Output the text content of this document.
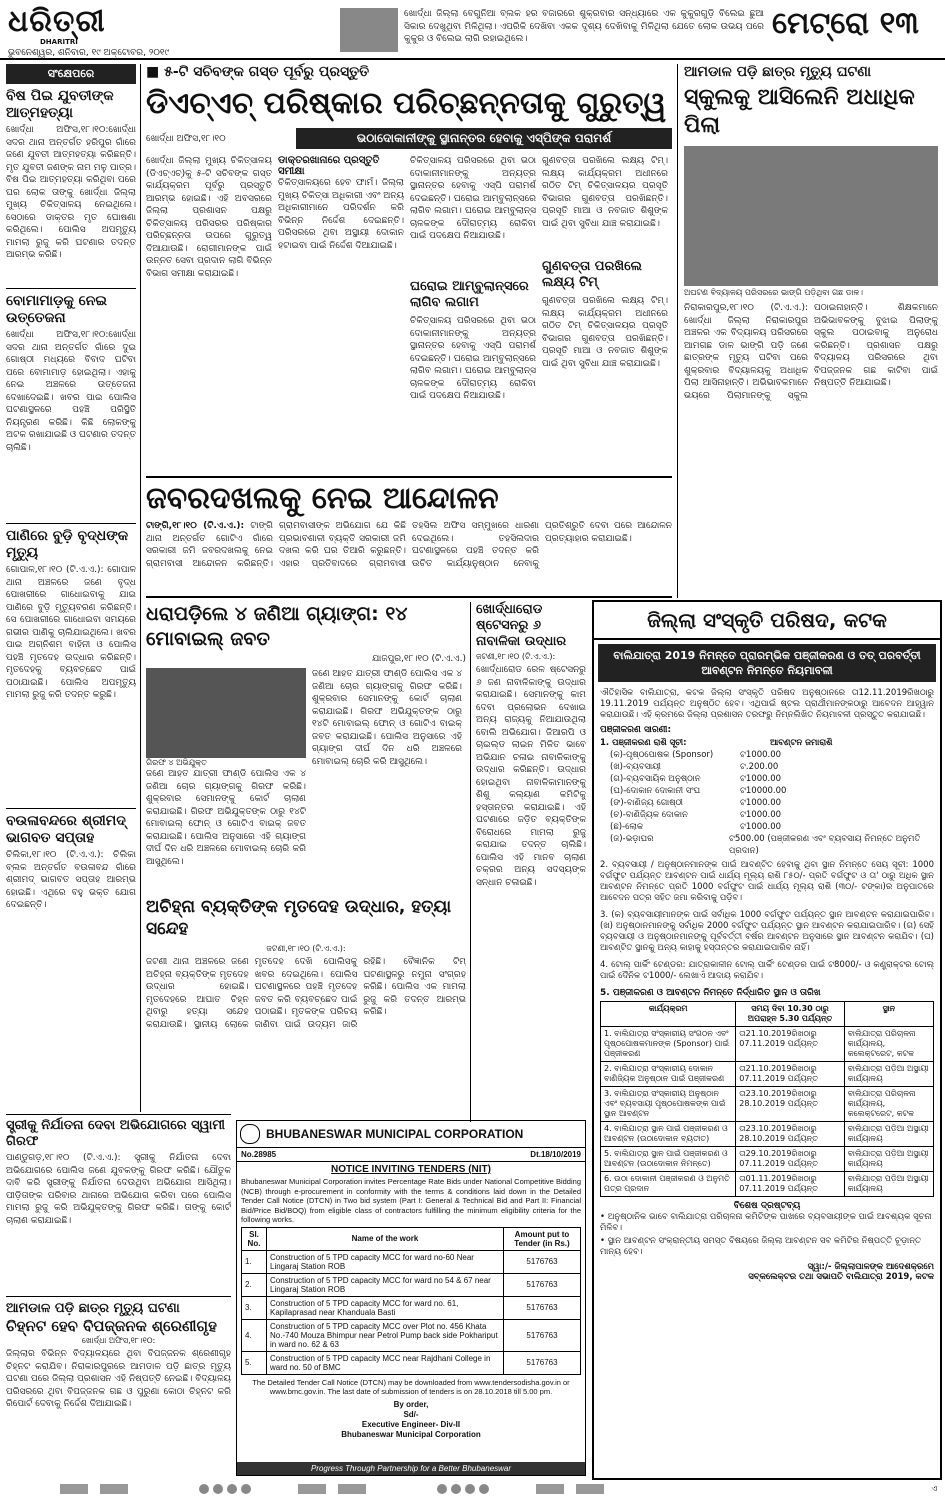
ଧରିତ୍ରୀ
DHARITRI
ଭୁବନେଶ୍ୱର, ଶନିବାର, ୧୯ ଅକ୍ଟୋବର, ୨୦୧୯
ଖୋର୍ଦ୍ଧା ଜିଲ୍ଲା ବେଗୁନିଆ ବ୍ଲକ ହର ବଜାରରେ ଶୁକ୍ରବାର ସନ୍ଧ୍ୟାରେ ଏକ କୁକୁରଗୁଡ଼ି ବିଲେଇ ଛୁଆ ସିକାର ଦେଖୁଥିବା ମିଳିଥିଲା। ଏପରିକି ଦେଖିବା ଏକକ ଦୃଶ୍ୟ ଦେଖିବାକୁ ମିଳିଥିଲା ଯେତେ ଲୋକ ଉଭୟ ପରେ କୁକୁର ଓ ବିଲେଇ ଲାଗି ରହାଇଥିଲେ।	ମେଟ୍ରୋ ୧୩
ସଂକ୍ଷେପରେ
ବିଷ ପିଇ ଯୁବତୀଙ୍କ ଆତ୍ମହତ୍ୟା
ଖୋର୍ଦ୍ଧା ଅଫିସ,୧୮।୧୦:ଖୋର୍ଦ୍ଧା ସଦର ଥାନା ଅନ୍ତର୍ଗତ ହରିପୁର ଗାଁରେ ଜଣେ ଯୁବତୀ ଆତ୍ମହତ୍ୟା କରିଛନ୍ତି। ମୃତ ଯୁବତୀ ଜଣଙ୍କ ନାମ ମଳୁ ପାତ୍ର। ବିଷ ପିଇ ଆତ୍ମହତ୍ୟା କରିଥିବା ପରେ ଘର ଲୋକ ତାଙ୍କୁ ଖୋର୍ଦ୍ଧା ଜିଲ୍ଲା ମୁଖ୍ୟ ଚିକିତ୍ସାଳୟ ନେଇଥିଲେ। ସେଠାରେ ଡାକ୍ତର ମୃତ ଘୋଷଣା କରିଥିଲେ। ପୋଲିସ ଅପମୃତ୍ୟୁ ମାମଲା ରୁଜୁ କରି ଘଟଣାର ତଦନ୍ତ ଆରମ୍ଭ କରିଛି।
ବୋମାମାଡ଼କୁ ନେଇ ଉତ୍ତେଜନା
ଖୋର୍ଦ୍ଧା ଅଫିସ,୧୮।୧୦:ଖୋର୍ଦ୍ଧା ସଦର ଥାନା ଅନ୍ତର୍ଗତ ଗାଁରେ ଦୁଇ ଗୋଷ୍ଠୀ ମଧ୍ୟରେ ବିବାଦ ଘଟିବା ପରେ ବୋମାମାଡ଼ ହୋଇଥିଲା। ଏହାକୁ ନେଇ ଅଞ୍ଚଳରେ ଉତ୍ତେଜନା ଦେଖାଦେଇଛି। ଖବର ପାଇ ପୋଲିସ ଘଟଣାସ୍ଥଳରେ ପହଞ୍ଚି ପରିସ୍ଥିତି ନିୟନ୍ତ୍ରଣ କରିଛି। କିଛି ଲୋକଙ୍କୁ ଅଟକ ରଖାଯାଇଛି ଓ ଘଟଣାର ତଦନ୍ତ ଚାଲିଛି।
ପାଣିରେ ବୁଡ଼ି ବୃଦ୍ଧଙ୍କ ମୃତ୍ୟୁ
ଗୋପାଳ,୧୮।୧୦ (ଟି.ଏ.ଏ.): ଗୋପାଳ ଥାନା ଅଞ୍ଚଳରେ ଜଣେ ବୃଦ୍ଧ ପୋଖରୀରେ ଗାଧୋଇବାକୁ ଯାଇ ପାଣିରେ ବୁଡ଼ି ମୃତ୍ୟୁବରଣ କରିଛନ୍ତି। ସେ ପୋଖରୀରେ ଗାଧୋଇବା ସମୟରେ ଗଭୀର ପାଣିକୁ ଚାଲିଯାଇଥିଲେ। ଖବର ପାଇ ଅଗ୍ନିଶମ ବାହିନୀ ଓ ପୋଲିସ ପହଞ୍ଚି ମୃତଦେହ ଉଦ୍ଧାର କରିଛନ୍ତି। ମୃତଦେହକୁ ବ୍ୟବଚ୍ଛେଦ ପାଇଁ ପଠାଯାଇଛି। ପୋଲିସ ଅପମୃତ୍ୟୁ ମାମଲା ରୁଜୁ କରି ତଦନ୍ତ କରୁଛି।
ବଉଳାବନ୍ଦରେ ଶ୍ରୀମଦ୍ ଭାଗବତ ସପ୍ତାହ
ଚିଲିକା,୧୮।୧୦ (ଟି.ଏ.ଏ.): ଚିଲିକା ବ୍ଲକ ଅନ୍ତର୍ଗତ ବଉଳାବନ୍ଦ ଗାଁରେ ଶ୍ରୀମଦ୍ ଭାଗବତ ସପ୍ତାହ ଆରମ୍ଭ ହୋଇଛି। ଏଥିରେ ବହୁ ଭକ୍ତ ଯୋଗ ଦେଇଛନ୍ତି।
■ ୫-ଟି ସଚିବଙ୍କ ଗସ୍ତ ପୂର୍ବରୁ ପ୍ରସ୍ତୁତି
ଡିଏଚ୍ଏଚ୍ ପରିଷ୍କାର ପରିଚ୍ଛନ୍ନତାକୁ ଗୁରୁତ୍ୱ
ଖୋର୍ଦ୍ଧା ଅଫିସ,୧୮।୧୦	ଭଠାଦୋକାନୀଙ୍କୁ ସ୍ଥାନାନ୍ତର ହେବାକୁ ଏସ୍‌ପିଙ୍କ ପରାମର୍ଶ
ଖୋର୍ଦ୍ଧା ଜିଲ୍ଲା ମୁଖ୍ୟ ଚିକିତ୍ସାଳୟ (ଡିଏଚ୍ଏଚ୍)କୁ ୫-ଟି ସଚିବଙ୍କ ଗସ୍ତ କାର୍ଯ୍ୟକ୍ରମ ପୂର୍ବରୁ ପ୍ରସ୍ତୁତି ଆରମ୍ଭ ହୋଇଛି। ଏହି ଅବସରରେ ଜିଲ୍ଲା ପ୍ରଶାସନ ପକ୍ଷରୁ ଚିକିତ୍ସାଳୟ ପରିସରର ପରିଷ୍କାର ପରିଚ୍ଛନ୍ନତା ଉପରେ ଗୁରୁତ୍ୱ ଦିଆଯାଉଛି। ରୋଗୀମାନଙ୍କ ପାଇଁ ଉନ୍ନତ ସେବା ପ୍ରଦାନ ଲାଗି ବିଭିନ୍ନ ବିଭାଗ ସମୀକ୍ଷା କରାଯାଇଛି।
ଡାକ୍ତରଖାନାରେ ପ୍ରସ୍ତୁତି ସମୀକ୍ଷା
ଚିକିତ୍ସାଳୟରେ ହେବ ଫାର୍ମ। ଜିଲ୍ଲା ମୁଖ୍ୟ ଚିକିତ୍ସା ଅଧିକାରୀ ଏବଂ ଅନ୍ୟ ଅଧିକାରୀମାନେ ପରିଦର୍ଶନ କରି ବିଭିନ୍ନ ନିର୍ଦ୍ଦେଶ ଦେଇଛନ୍ତି। ପରିସରରେ ଥିବା ଅସ୍ଥାୟୀ ଦୋକାନ ହଟାଇବା ପାଇଁ ନିର୍ଦ୍ଦେଶ ଦିଆଯାଇଛି।
ଚିକିତ୍ସାଳୟ ପରିସରରେ ଥିବା ଭଠା ଦୋକାନୀମାନଙ୍କୁ ଅନ୍ୟତ୍ର ସ୍ଥାନାନ୍ତର ହେବାକୁ ଏସ୍‌ପି ପରାମର୍ଶ ଦେଇଛନ୍ତି। ଘରୋଇ ଆମ୍ବୁଲାନ୍ସରେ ଲାଗିବ ଲଗାମ। ଘରୋଇ ଆମ୍ବୁଲାନ୍ସ ଚାଳକଙ୍କ ଦୌରାତ୍ମ୍ୟ ରୋକିବା ପାଇଁ ପଦକ୍ଷେପ ନିଆଯାଉଛି।
ଘରୋଇ ଆମ୍ବୁଲାନ୍ସରେ ଲାଗିବ ଲଗାମ
ଚିକିତ୍ସାଳୟ ପରିସରରେ ଥିବା ଭଠା ଦୋକାନୀମାନଙ୍କୁ ଅନ୍ୟତ୍ର ସ୍ଥାନାନ୍ତର ହେବାକୁ ଏସ୍‌ପି ପରାମର୍ଶ ଦେଇଛନ୍ତି। ଘରୋଇ ଆମ୍ବୁଲାନ୍ସରେ ଲାଗିବ ଲଗାମ। ଘରୋଇ ଆମ୍ବୁଲାନ୍ସ ଚାଳକଙ୍କ ଦୌରାତ୍ମ୍ୟ ରୋକିବା ପାଇଁ ପଦକ୍ଷେପ ନିଆଯାଉଛି।
ଗୁଣବତ୍ତା ପରଖିଲେ ଲକ୍ଷ୍ୟ ଟିମ୍। ଲକ୍ଷ୍ୟ କାର୍ଯ୍ୟକ୍ରମ ଅଧୀନରେ ଗଠିତ ଟିମ୍ ଚିକିତ୍ସାଳୟର ପ୍ରସୂତି ବିଭାଗର ଗୁଣବତ୍ତା ପରଖିଛନ୍ତି। ପ୍ରସୂତି ମାଆ ଓ ନବଜାତ ଶିଶୁଙ୍କ ପାଇଁ ଥିବା ସୁବିଧା ଯାଞ୍ଚ କରାଯାଇଛି।
ଗୁଣବତ୍ତା ପରଖିଲେ ଲକ୍ଷ୍ୟ ଟିମ୍
ଗୁଣବତ୍ତା ପରଖିଲେ ଲକ୍ଷ୍ୟ ଟିମ୍। ଲକ୍ଷ୍ୟ କାର୍ଯ୍ୟକ୍ରମ ଅଧୀନରେ ଗଠିତ ଟିମ୍ ଚିକିତ୍ସାଳୟର ପ୍ରସୂତି ବିଭାଗର ଗୁଣବତ୍ତା ପରଖିଛନ୍ତି। ପ୍ରସୂତି ମାଆ ଓ ନବଜାତ ଶିଶୁଙ୍କ ପାଇଁ ଥିବା ସୁବିଧା ଯାଞ୍ଚ କରାଯାଇଛି।
ଆମଡାଳ ପଡ଼ି ଛାତ୍ର ମୃତ୍ୟୁ ଘଟଣା
ସ୍କୁଲକୁ ଆସିଲେନି ଅଧାଧିକ ପିଲା
ଅଘଟଣ ବିଦ୍ୟାଳୟ ପରିସରରେ ଭାଙ୍ଗି ପଡ଼ିଥିବା ଗଛ ଡାଳ।
ନିରାକାରପୁର,୧୮।୧୦ (ଟି.ଏ.ଏ.): ଖୋର୍ଦ୍ଧା ଜିଲ୍ଲା ନିରାକାରପୁର ଅଞ୍ଚଳର ଏକ ବିଦ୍ୟାଳୟ ପରିସରରେ ଆମଗଛ ଡାଳ ଭାଙ୍ଗି ପଡ଼ି ଜଣେ ଛାତ୍ରଙ୍କ ମୃତ୍ୟୁ ଘଟିବା ପରେ ଶୁକ୍ରବାର ବିଦ୍ୟାଳୟକୁ ଅଧାଧିକ ପିଲା ଆସିନାହାନ୍ତି। ଅଭିଭାବକମାନେ ଭୟରେ ପିଲାମାନଙ୍କୁ ସ୍କୁଲ ପଠାଇନାହାନ୍ତି। ଶିକ୍ଷକମାନେ ଅଭିଭାବକଙ୍କୁ ବୁଝାଇ ପିଲାଙ୍କୁ ସ୍କୁଲ ପଠାଇବାକୁ ଅନୁରୋଧ କରିଛନ୍ତି। ପ୍ରଶାସନ ପକ୍ଷରୁ ବିଦ୍ୟାଳୟ ପରିସରରେ ଥିବା ବିପଜ୍ଜନକ ଗଛ କାଟିବା ପାଇଁ ନିଷ୍ପତ୍ତି ନିଆଯାଇଛି।
ଜବରଦଖଲକୁ ନେଇ ଆନ୍ଦୋଳନ
ଟାଙ୍ଗି,୧୮।୧୦ (ଟି.ଏ.ଏ.): ଟାଙ୍ଗି ଥାନା ଅନ୍ତର୍ଗତ ଗୋଟିଏ ଗାଁରେ ସରକାରୀ ଜମି ଜବରଦଖଲକୁ ନେଇ ଗ୍ରାମବାସୀ ଆନ୍ଦୋଳନ କରିଛନ୍ତି। ଗ୍ରାମବାସୀଙ୍କ ଅଭିଯୋଗ ଯେ କିଛି ପ୍ରଭାବଶାଳୀ ବ୍ୟକ୍ତି ସରକାରୀ ଜମି ଦଖଲ କରି ଘର ତିଆରି କରୁଛନ୍ତି। ଏହାର ପ୍ରତିବାଦରେ ଗ୍ରାମବାସୀ ତହସିଲ ଅଫିସ ସମ୍ମୁଖରେ ଧାରଣା ଦେଇଥିଲେ। ତହସିଲଦାର ଘଟଣାସ୍ଥଳରେ ପହଞ୍ଚି ତଦନ୍ତ କରି ଉଚିତ କାର୍ଯ୍ୟାନୁଷ୍ଠାନ ନେବାକୁ ପ୍ରତିଶ୍ରୁତି ଦେବା ପରେ ଆନ୍ଦୋଳନ ପ୍ରତ୍ୟାହାର କରାଯାଇଛି।
ଧରାପଡ଼ିଲେ ୪ ଜଣିଆ ଗ୍ୟାଙ୍ଗ: ୧୪ ମୋବାଇଲ୍ ଜବତ
ଯାଜପୁର,୧୮।୧୦ (ଟି.ଏ.ଏ.)
ଗିରଫ ୪ ଅଭିଯୁକ୍ତ
ଜଣେ ଆହତ ଯାତ୍ରୀ ଫାଣ୍ଡି ପୋଲିସ ଏକ ୪ ଜଣିଆ ଚୋର ଗ୍ୟାଙ୍ଗକୁ ଗିରଫ କରିଛି। ଶୁକ୍ରବାର ସେମାନଙ୍କୁ କୋର୍ଟ ଚାଲାଣ କରାଯାଇଛି। ଗିରଫ ଅଭିଯୁକ୍ତଙ୍କ ଠାରୁ ୧୪ଟି ମୋବାଇଲ୍ ଫୋନ୍ ଓ ଗୋଟିଏ ବାଇକ୍ ଜବତ କରାଯାଇଛି। ପୋଲିସ ଅନୁସାରେ ଏହି ଗ୍ୟାଙ୍ଗ ଦୀର୍ଘ ଦିନ ଧରି ଅଞ୍ଚଳରେ ମୋବାଇଲ୍ ଚୋରି କରି ଆସୁଥିଲେ।
ଜଣେ ଆହତ ଯାତ୍ରୀ ଫାଣ୍ଡି ପୋଲିସ ଏକ ୪ ଜଣିଆ ଚୋର ଗ୍ୟାଙ୍ଗକୁ ଗିରଫ କରିଛି। ଶୁକ୍ରବାର ସେମାନଙ୍କୁ କୋର୍ଟ ଚାଲାଣ କରାଯାଇଛି। ଗିରଫ ଅଭିଯୁକ୍ତଙ୍କ ଠାରୁ ୧୪ଟି ମୋବାଇଲ୍ ଫୋନ୍ ଓ ଗୋଟିଏ ବାଇକ୍ ଜବତ କରାଯାଇଛି। ପୋଲିସ ଅନୁସାରେ ଏହି ଗ୍ୟାଙ୍ଗ ଦୀର୍ଘ ଦିନ ଧରି ଅଞ୍ଚଳରେ ମୋବାଇଲ୍ ଚୋରି କରି ଆସୁଥିଲେ।
ଖୋର୍ଦ୍ଧାରୋଡ ଷ୍ଟେସନରୁ ୬ ନାବାଳିକା ଉଦ୍ଧାର
ଜଟଣୀ,୧୮।୧୦ (ଟି.ଏ.ଏ.):
ଖୋର୍ଦ୍ଧାରୋଡ ରେଳ ଷ୍ଟେସନରୁ ୬ ଜଣ ନାବାଳିକାଙ୍କୁ ଉଦ୍ଧାର କରାଯାଇଛି। ସେମାନଙ୍କୁ କାମ ଦେବା ପ୍ରଲୋଭନ ଦେଖାଇ ଅନ୍ୟ ରାଜ୍ୟକୁ ନିଆଯାଉଥିଲା ବୋଲି ଅଭିଯୋଗ। ଜିଆରପି ଓ ଚାଇଲ୍ଡ ଲାଇନ ମିଳିତ ଭାବେ ଅଭିଯାନ ଚଳାଇ ନାବାଳିକାଙ୍କୁ ଉଦ୍ଧାର କରିଛନ୍ତି। ଉଦ୍ଧାର ହୋଇଥିବା ନାବାଳିକାମାନଙ୍କୁ ଶିଶୁ କଲ୍ୟାଣ କମିଟିକୁ ହସ୍ତାନ୍ତର କରାଯାଇଛି। ଏହି ଘଟଣାରେ ଜଡ଼ିତ ବ୍ୟକ୍ତିଙ୍କ ବିରୋଧରେ ମାମଲା ରୁଜୁ କରାଯାଇ ତଦନ୍ତ ଚାଲିଛି। ପୋଲିସ ଏହି ମାନବ ଚାଲାଣ ଚକ୍ରର ଅନ୍ୟ ସଦସ୍ୟଙ୍କ ସନ୍ଧାନ ଚଳାଇଛି।
ଅଚିହ୍ନା ବ୍ୟକ୍ତିଙ୍କ ମୃତଦେହ ଉଦ୍ଧାର, ହତ୍ୟା ସନ୍ଦେହ
ଜଟଣୀ,୧୮।୧୦ (ଟି.ଏ.ଏ.):
ଜଟଣୀ ଥାନା ଅଞ୍ଚଳରେ ଜଣେ ଅଚିହ୍ନା ବ୍ୟକ୍ତିଙ୍କ ମୃତଦେହ ଉଦ୍ଧାର ହୋଇଛି। ମୃତଦେହରେ ଆଘାତ ଚିହ୍ନ ଥିବାରୁ ହତ୍ୟା ସନ୍ଦେହ କରାଯାଉଛି। ସ୍ଥାନୀୟ ଲୋକେ ମୃତଦେହ ଦେଖି ପୋଲିସକୁ ଖବର ଦେଇଥିଲେ। ପୋଲିସ ଘଟଣାସ୍ଥଳରେ ପହଞ୍ଚି ମୃତଦେହ ଜବତ କରି ବ୍ୟବଚ୍ଛେଦ ପାଇଁ ପଠାଇଛି। ମୃତକଙ୍କ ପରିଚୟ ଜାଣିବା ପାଇଁ ଉଦ୍ୟମ ଜାରି ରହିଛି। ବୈଜ୍ଞାନିକ ଟିମ୍ ଘଟଣାସ୍ଥଳରୁ ନମୁନା ସଂଗ୍ରହ କରିଛି। ପୋଲିସ ଏକ ମାମଲା ରୁଜୁ କରି ତଦନ୍ତ ଆରମ୍ଭ କରିଛି।
ସ୍ତ୍ରୀକୁ ନିର୍ଯାତନା ଦେବା ଅଭିଯୋଗରେ ସ୍ୱାମୀ ଗିରଫ
ପାଣ୍ଡୁଗଡ଼,୧୮।୧୦ (ଟି.ଏ.ଏ.): ସ୍ତ୍ରୀକୁ ନିର୍ଯାତନା ଦେବା ଅଭିଯୋଗରେ ପୋଲିସ ଜଣେ ଯୁବକଙ୍କୁ ଗିରଫ କରିଛି। ଯୌତୁକ ଦାବି କରି ସ୍ତ୍ରୀଙ୍କୁ ନିର୍ଯାତନା ଦେଉଥିବା ଅଭିଯୋଗ ଆସିଥିଲା। ପୀଡ଼ିତାଙ୍କ ପରିବାର ଥାନାରେ ଅଭିଯୋଗ କରିବା ପରେ ପୋଲିସ ମାମଲା ରୁଜୁ କରି ଅଭିଯୁକ୍ତଙ୍କୁ ଗିରଫ କରିଛି। ତାଙ୍କୁ କୋର୍ଟ ଚାଲାଣ କରାଯାଇଛି।
ଆମଡାଳ ପଡ଼ି ଛାତ୍ର ମୃତ୍ୟୁ ଘଟଣା
ଚିହ୍ନଟ ହେବ ବିପଜ୍ଜନକ ଶ୍ରେଣୀଗୃହ
ଖୋର୍ଦ୍ଧା ଅଫିସ,୧୮।୧୦:
ଜିଲ୍ଲାର ବିଭିନ୍ନ ବିଦ୍ୟାଳୟରେ ଥିବା ବିପଜ୍ଜନକ ଶ୍ରେଣୀଗୃହ ଚିହ୍ନଟ କରାଯିବ। ନିରାକାରପୁରରେ ଆମଡାଳ ପଡ଼ି ଛାତ୍ର ମୃତ୍ୟୁ ଘଟଣା ପରେ ଜିଲ୍ଲା ପ୍ରଶାସନ ଏହି ନିଷ୍ପତ୍ତି ନେଇଛି। ବିଦ୍ୟାଳୟ ପରିସରରେ ଥିବା ବିପଜ୍ଜନକ ଗଛ ଓ ପୁରୁଣା କୋଠା ଚିହ୍ନଟ କରି ରିପୋର୍ଟ ଦେବାକୁ ନିର୍ଦ୍ଦେଶ ଦିଆଯାଇଛି।
BHUBANESWAR MUNICIPAL CORPORATION
No.28985	Dt.18/10/2019
NOTICE INVITING TENDERS (NIT)
Bhubaneswar Municipal Corporation invites Percentage Rate Bids under National Competitive Bidding (NCB) through e-procurement in conformity with the terms & conditions laid down in the Detailed Tender Call Notice (DTCN) in Two bid system (Part I: General & Technical Bid and Part II: Financial Bid/Price Bid/BOQ) from eligible class of contractors fulfilling the minimum eligibility criteria for the following works.
Sl. No.	Name of the work	Amount put to Tender (in Rs.)
1.	Construction of 5 TPD capacity MCC for ward no-60 Near Lingaraj Station ROB	5176763
2.	Construction of 5 TPD capacity MCC for ward no 54 & 67 near Lingaraj Station ROB	5176763
3.	Construction of 5 TPD capacity MCC for ward no. 61, Kapilaprasad near Khanduala Basti	5176763
4.	Construction of 5 TPD capacity MCC over Plot no. 456 Khata No.-740 Mouza Bhimpur near Petrol Pump back side Pokhariput in ward no. 62 & 63	5176763
5.	Construction of 5 TPD capacity MCC near Rajdhani College in ward no. 50 of BMC	5176763
The Detailed Tender Call Notice (DTCN) may be downloaded from www.tendersodisha.gov.in or www.bmc.gov.in. The last date of submission of tenders is on 28.10.2018 till 5.00 pm.
By order,
Sd/-
Executive Engineer- Div-II
Bhubaneswar Municipal Corporation
Progress Through Partnership for a Better Bhubaneswar
ଜିଲ୍ଲା ସଂସ୍କୃତି ପରିଷଦ, କଟକ
ବାଲିଯାତ୍ରା 2019 ନିମନ୍ତେ ପ୍ରାରମ୍ଭିକ ପଞ୍ଜୀକରଣ ଓ ତତ୍ ପରବର୍ତ୍ତୀ ଆବଣ୍ଟନ ନିମନ୍ତେ ନିୟମାବଳୀ
ଐତିହାସିକ ବାଲିଯାତ୍ରା, କଟକ ଜିଲ୍ଲା ସଂସ୍କୃତି ପରିଷଦ ଅନୁଷ୍ଠାନରେ ତା12.11.2019ରିଖଠାରୁ 19.11.2019 ପର୍ଯ୍ୟନ୍ତ ଅନୁଷ୍ଠିତ ହେବ। ଏଥିପାଇଁ ଷ୍ଟଲ ପ୍ରାର୍ଥୀମାନଙ୍କଠାରୁ ଆବେଦନ ଆହ୍ୱାନ କରାଯାଉଛି। ଏହି କ୍ରମରେ ଜିଲ୍ଲା ପ୍ରଶାସନ ତରଫରୁ ନିମ୍ନଲିଖିତ ନିୟମାବଳୀ ପ୍ରସ୍ତୁତ କରାଯାଇଛି।
ପଞ୍ଜୀକରଣ ସାରଣୀ:
1. ପଞ୍ଜୀକରଣ ରାଶି ସୂଚୀ:	ଆବଣ୍ଟନ ଜମାରାଶି
(କ)-ପୃଷ୍ଠପୋଷକ (Sponsor)	ଟ1000.00
(ଖ)-ବ୍ୟବସାୟୀ	ଟ.200.00
(ଗ)-ବ୍ୟବସାୟିକ ଅନୁଷ୍ଠାନ	ଟ1000.00
(ଘ)-ଦୋକାନ ଦୋକାନୀ ସଂଘ	ଟ10000.00
(ଙ)-ବାଣିଜ୍ୟ ଗୋଷ୍ଠୀ	ଟ1000.00
(ଚ)-ବାଣିଜ୍ୟିକ ଦୋକାନ	ଟ1000.00
(ଛ)-ଲୋକ	ଟ1000.00
(ଜ)-ଭଡ଼ାଘର	ଟ500.00 (ପଞ୍ଜୀକରଣ ଏବଂ ବ୍ୟବସାୟ ନିମନ୍ତେ ଅନୁମତି ପ୍ରଦାନ)
2. ବ୍ୟବସାୟୀ / ଅନୁଷ୍ଠାନମାନଙ୍କ ପାଇଁ ଆବଣ୍ଟିତ ହେବାକୁ ଥିବା ସ୍ଥାନ ନିମନ୍ତେ ସେୟ ସୂଚୀ: 1000 ବର୍ଗଫୁଟ ପର୍ଯ୍ୟନ୍ତ ଆବଣ୍ଟନ ପାଇଁ ଧାର୍ଯ୍ୟ ମୂଲ୍ୟ ରାଶି ୮୫୦/- ପ୍ରତି ବର୍ଗଫୁଟ ଓ ତା' ଠାରୁ ଅଧିକ ସ୍ଥାନ ଆବଣ୍ଟନ ନିମନ୍ତେ ପ୍ରତି 1000 ବର୍ଗଫୁଟ ପାଇଁ ଧାର୍ଯ୍ୟ ମୂଲ୍ୟ ରାଶି (୩୦/- ଟଙ୍କା)ର ଅନୁପାତରେ ଆବେଦନ ପତ୍ର ସହିତ ଜମା କରିବାକୁ ପଡ଼ିବ।
3. (କ) ବ୍ୟବସାୟୀମାନଙ୍କ ପାଇଁ ସର୍ବାଧିକ 1000 ବର୍ଗଫୁଟ ପର୍ଯ୍ୟନ୍ତ ସ୍ଥାନ ଆବଣ୍ଟନ କରାଯାଇପାରିବ। (ଖ) ଅନୁଷ୍ଠାନମାନଙ୍କୁ ସର୍ବାଧିକ 2000 ବର୍ଗଫୁଟ ପର୍ଯ୍ୟନ୍ତ ସ୍ଥାନ ଆବଣ୍ଟନ କରାଯାଇପାରିବ। (ଗ) ସେହି ବ୍ୟବସାୟୀ ଓ ଅନୁଷ୍ଠାନମାନଙ୍କୁ ପୂର୍ବବର୍ତ୍ତୀ ବର୍ଷର ଆବଣ୍ଟନ ଅନୁସାରେ ସ୍ଥାନ ଆବଣ୍ଟନ କରାଯିବ। (ଘ) ଆବଣ୍ଟିତ ସ୍ଥାନକୁ ଅନ୍ୟ କାହାକୁ ହସ୍ତାନ୍ତର କରାଯାଇପାରିବ ନାହିଁ।
4. ଟୋଲ୍ ପାର୍କିଂ ଟେଣ୍ଡର: ଯାତ୍ରାକାଳୀନ ଟୋଲ୍ ପାର୍କିଂ ଟେଣ୍ଡର ପାଇଁ ଟ8000/- ଓ କଣ୍ଟ୍ରାକ୍ଟର ଟୋଲ୍ ପାଇଁ ଦୈନିକ ଟ1000/- ଲେଖାଏଁ ଆଦାୟ କରାଯିବ।
5. ପଞ୍ଜୀକରଣ ଓ ଆବଣ୍ଟନ ନିମନ୍ତେ ନିର୍ଦ୍ଧାରିତ ସ୍ଥାନ ଓ ତାରିଖ
କାର୍ଯ୍ୟକ୍ରମ	ସମୟ ଦିବା 10.30 ଠାରୁ ଅପରାହ୍ନ 5.30 ପର୍ଯ୍ୟନ୍ତ	ସ୍ଥାନ
1. ବାଲିଯାତ୍ରା ସଂସ୍କାରୀୟ ସଂଗଠନ ଏବଂ ପୃଷ୍ଠପୋଷକମାନଙ୍କ (Sponsor) ପାଇଁ ପଞ୍ଜୀକରଣ	ତା21.10.2019ରିଖଠାରୁ 07.11.2019 ପର୍ଯ୍ୟନ୍ତ	ବାଲିଯାତ୍ରା ପରିଚାଳନା କାର୍ଯ୍ୟାଳୟ, କଲେକ୍ଟରେଟ, କଟକ
2. ବାଲିଯାତ୍ରା ସଂସ୍କାରୀୟ ଦୋକାନ ବାଣିଜ୍ୟିକ ଅନୁଷ୍ଠାନ ପାଇଁ ପଞ୍ଜୀକରଣ	ତା21.10.2019ରିଖଠାରୁ 07.11.2019 ପର୍ଯ୍ୟନ୍ତ	ବାଲିଯାତ୍ରା ପଡ଼ିଆ ଅସ୍ଥାୟୀ କାର୍ଯ୍ୟାଳୟ
3. ବାଲିଯାତ୍ରା ସଂସ୍କାରୀୟ ଅନୁଷ୍ଠାନ ଏବଂ ବ୍ୟବସାୟୀ ପୃଷ୍ଠପୋଷକଙ୍କ ପାଇଁ ସ୍ଥାନ ଆବଣ୍ଟନ	ତା23.10.2019ରିଖଠାରୁ 28.10.2019 ପର୍ଯ୍ୟନ୍ତ	ବାଲିଯାତ୍ରା ପରିଚାଳନା କାର୍ଯ୍ୟାଳୟ, କଲେକ୍ଟରେଟ, କଟକ
4. ବାଲିଯାତ୍ରା ସ୍ଥାନ ପାଇଁ ପଞ୍ଜୀକରଣ ଓ ଆବଣ୍ଟନ (ଉଠାଦୋକାନ ବ୍ୟତୀତ)	ତା23.10.2019ରିଖଠାରୁ 28.10.2019 ପର୍ଯ୍ୟନ୍ତ	ବାଲିଯାତ୍ରା ପଡ଼ିଆ ଅସ୍ଥାୟୀ କାର୍ଯ୍ୟାଳୟ
5. ବାଲିଯାତ୍ରା ସ୍ଥାନ ପାଇଁ ପଞ୍ଜୀକରଣ ଓ ଆବଣ୍ଟନ (ଉଠାଦୋକାନ ନିମନ୍ତେ)	ତା29.10.2019ରିଖଠାରୁ 07.11.2019 ପର୍ଯ୍ୟନ୍ତ	ବାଲିଯାତ୍ରା ପଡ଼ିଆ ଅସ୍ଥାୟୀ କାର୍ଯ୍ୟାଳୟ
6. ଉଠା ଦୋକାନୀ ପଞ୍ଜୀକରଣ ଓ ଅନୁମତି ପତ୍ର ପ୍ରଦାନ	ତା01.11.2019ରିଖଠାରୁ 07.11.2019 ପର୍ଯ୍ୟନ୍ତ	ବାଲିଯାତ୍ରା ପଡ଼ିଆ ଅସ୍ଥାୟୀ କାର୍ଯ୍ୟାଳୟ
ବିଶେଷ ଦ୍ରଷ୍ଟବ୍ୟ
• ଅନୁଷ୍ଠାନିକ ଭାବେ ବାଲିଯାତ୍ରା ପରିଚାଳନା କମିଟିଙ୍କ ପାଖରେ ବ୍ୟବସାୟୀଙ୍କ ପାଇଁ ଆବଶ୍ୟକ ସୂଚନା ମିଳିବ।
• ସ୍ଥାନ ଆବଣ୍ଟନ ସଂକ୍ରାନ୍ତୀୟ ସମସ୍ତ ବିଷୟରେ ଜିଲ୍ଲା ଆବଣ୍ଟନ ସବ କମିଟିର ନିଷ୍ପତ୍ତି ଚୂଡ଼ାନ୍ତ ମାନ୍ୟ ହେବ।
ସ୍ୱା:/- ଜିଲ୍ଲାପାଳଙ୍କ ଆଦେଶକ୍ରମେ
ସବ୍‌କଲେକ୍ଟର ତଥା ସଭାପତି ବାଲିଯାତ୍ରା 2019, କଟକ

ଏ
